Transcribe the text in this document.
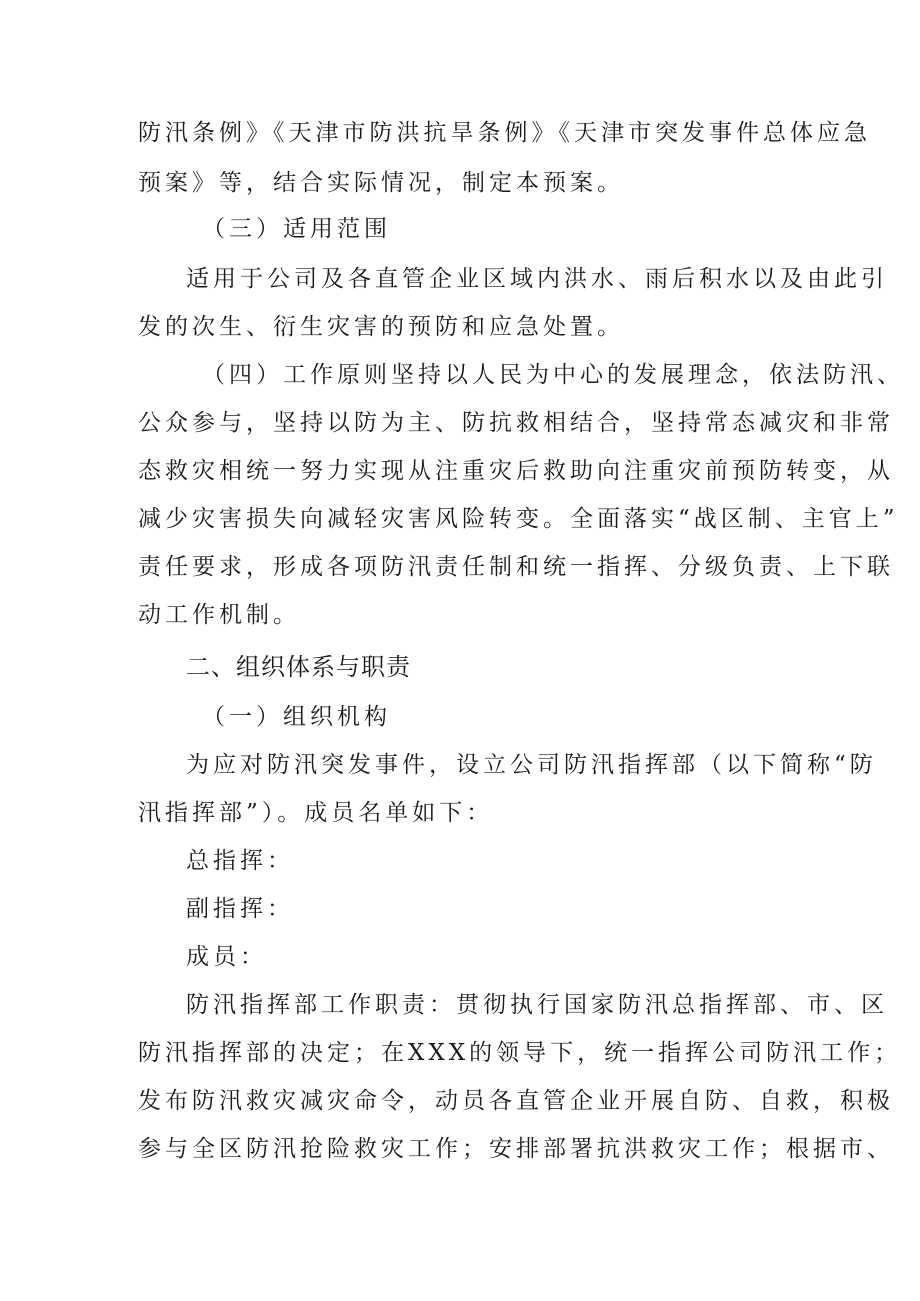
防汛条例》《天津市防洪抗旱条例》《天津市突发事件总体应急
预案》等，结合实际情况，制定本预案。
（三）适用范围
适用于公司及各直管企业区域内洪水、雨后积水以及由此引
发的次生、衍生灾害的预防和应急处置。
（四）工作原则坚持以人民为中心的发展理念，依法防汛、
公众参与，坚持以防为主、防抗救相结合，坚持常态减灾和非常
态救灾相统一努力实现从注重灾后救助向注重灾前预防转变，从
减少灾害损失向减轻灾害风险转变。全面落实“战区制、主官上”
责任要求，形成各项防汛责任制和统一指挥、分级负责、上下联
动工作机制。
二、组织体系与职责
（一）组织机构
为应对防汛突发事件，设立公司防汛指挥部（以下简称“防
汛指挥部”）。成员名单如下：
总指挥：
副指挥：
成员：
防汛指挥部工作职责：贯彻执行国家防汛总指挥部、市、区
防汛指挥部的决定；在XXX的领导下，统一指挥公司防汛工作；
发布防汛救灾减灾命令，动员各直管企业开展自防、自救，积极
参与全区防汛抢险救灾工作；安排部署抗洪救灾工作；根据市、
